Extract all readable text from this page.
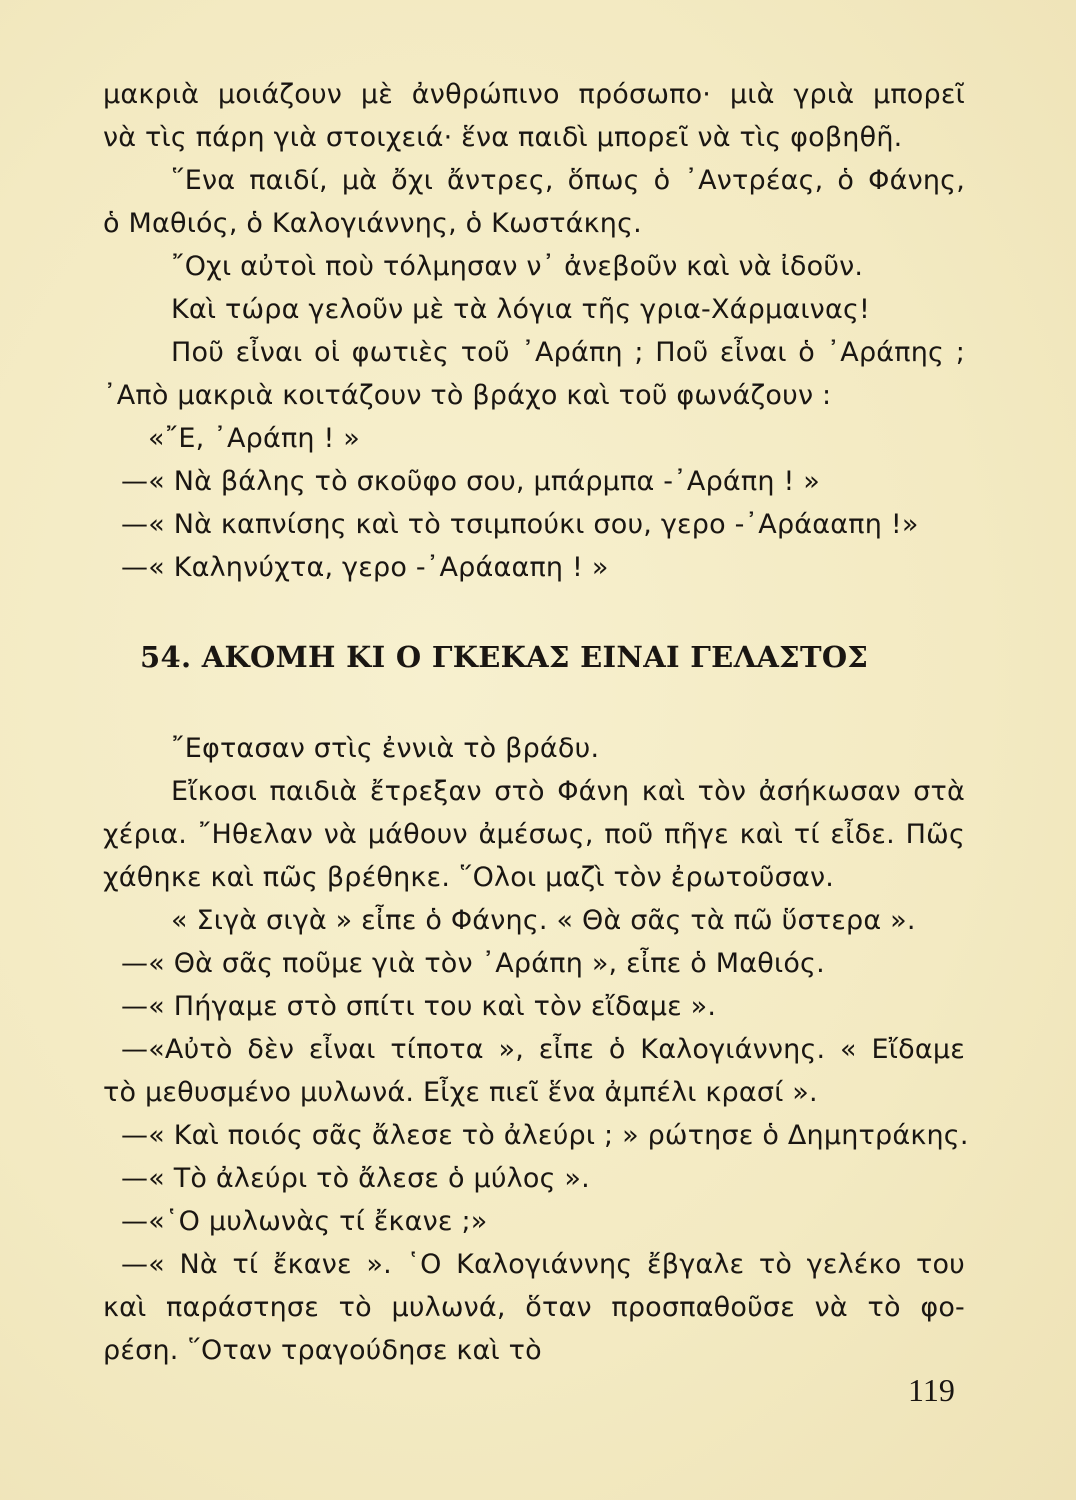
μακριὰ μοιάζουν μὲ ἀνθρώπινο πρόσωπο· μιὰ γριὰ μπορεῖ
νὰ τὶς πάρη γιὰ στοιχειά· ἕνα παιδὶ μπορεῖ νὰ τὶς φοβηθῆ.
῞Ενα παιδί, μὰ ὄχι ἄντρες, ὅπως ὁ ᾿Αντρέας, ὁ Φάνης,
ὁ Μαθιός, ὁ Καλογιάννης, ὁ Κωστάκης.
῎Οχι αὐτοὶ ποὺ τόλμησαν ν᾿ ἀνεβοῦν καὶ νὰ ἰδοῦν.
Καὶ τώρα γελοῦν μὲ τὰ λόγια τῆς γρια-Χάρμαινας!
Ποῦ εἶναι οἱ φωτιὲς τοῦ ᾿Αράπη ; Ποῦ εἶναι ὁ ᾿Αράπης ;
᾿Απὸ μακριὰ κοιτάζουν τὸ βράχο καὶ τοῦ φωνάζουν :
«῎Ε, ᾿Αράπη ! »
—« Νὰ βάλης τὸ σκοῦφο σου, μπάρμπα -᾿Αράπη ! »
—« Νὰ καπνίσης καὶ τὸ τσιμπούκι σου, γερο -᾿Αράααπη !»
—« Καληνύχτα, γερο -᾿Αράααπη ! »
54. ΑΚΟΜΗ ΚΙ Ο ΓΚΕΚΑΣ ΕΙΝΑΙ ΓΕΛΑΣΤΟΣ
῎Εφτασαν στὶς ἐννιὰ τὸ βράδυ.
Εἴκοσι παιδιὰ ἔτρεξαν στὸ Φάνη καὶ τὸν ἀσήκωσαν στὰ
χέρια. ῎Ηθελαν νὰ μάθουν ἀμέσως, ποῦ πῆγε καὶ τί εἶδε. Πῶς
χάθηκε καὶ πῶς βρέθηκε. ῞Ολοι μαζὶ τὸν ἐρωτοῦσαν.
« Σιγὰ σιγὰ » εἶπε ὁ Φάνης. « Θὰ σᾶς τὰ πῶ ὕστερα ».
—« Θὰ σᾶς ποῦμε γιὰ τὸν ᾿Αράπη », εἶπε ὁ Μαθιός.
—« Πήγαμε στὸ σπίτι του καὶ τὸν εἴδαμε ».
—«Αὐτὸ δὲν εἶναι τίποτα », εἶπε ὁ Καλογιάννης. « Εἴδαμε
τὸ μεθυσμένο μυλωνά. Εἶχε πιεῖ ἕνα ἀμπέλι κρασί ».
—« Καὶ ποιός σᾶς ἄλεσε τὸ ἀλεύρι ; » ρώτησε ὁ Δημητράκης.
—« Τὸ ἀλεύρι τὸ ἄλεσε ὁ μύλος ».
—«῾Ο μυλωνὰς τί ἔκανε ;»
—« Νὰ τί ἔκανε ». ῾Ο Καλογιάννης ἔβγαλε τὸ γελέκο του
καὶ παράστησε τὸ μυλωνά, ὅταν προσπαθοῦσε νὰ τὸ φο-
ρέση. ῞Οταν τραγούδησε καὶ τὸ
119
